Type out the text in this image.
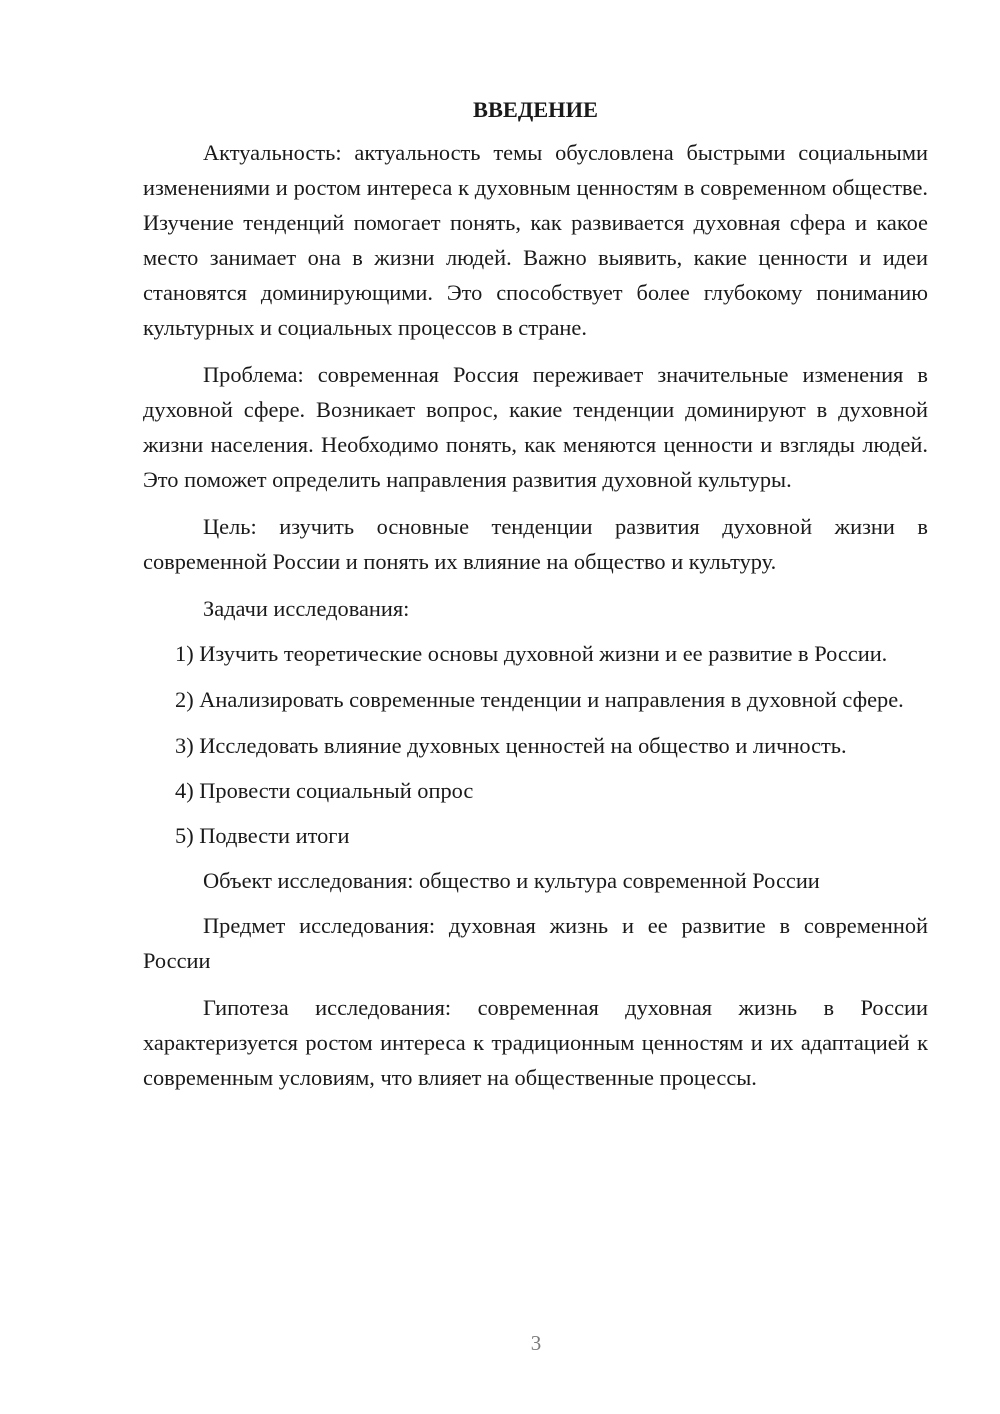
ВВЕДЕНИЕ

Актуальность: актуальность темы обусловлена быстрыми социальными изменениями и ростом интереса к духовным ценностям в современном обществе. Изучение тенденций помогает понять, как развивается духовная сфера и какое место занимает она в жизни людей. Важно выявить, какие ценности и идеи становятся доминирующими. Это способствует более глубокому пониманию культурных и социальных процессов в стране.

Проблема: современная Россия переживает значительные изменения в духовной сфере. Возникает вопрос, какие тенденции доминируют в духовной жизни населения. Необходимо понять, как меняются ценности и взгляды людей. Это поможет определить направления развития духовной культуры.

Цель: изучить основные тенденции развития духовной жизни в современной России и понять их влияние на общество и культуру.

Задачи исследования:

1) Изучить теоретические основы духовной жизни и ее развитие в России.

2) Анализировать современные тенденции и направления в духовной сфере.

3) Исследовать влияние духовных ценностей на общество и личность.

4) Провести социальный опрос

5) Подвести итоги

Объект исследования: общество и культура современной России

Предмет исследования: духовная жизнь и ее развитие в современной России

Гипотеза исследования: современная духовная жизнь в России характеризуется ростом интереса к традиционным ценностям и их адаптацией к современным условиям, что влияет на общественные процессы.

3
